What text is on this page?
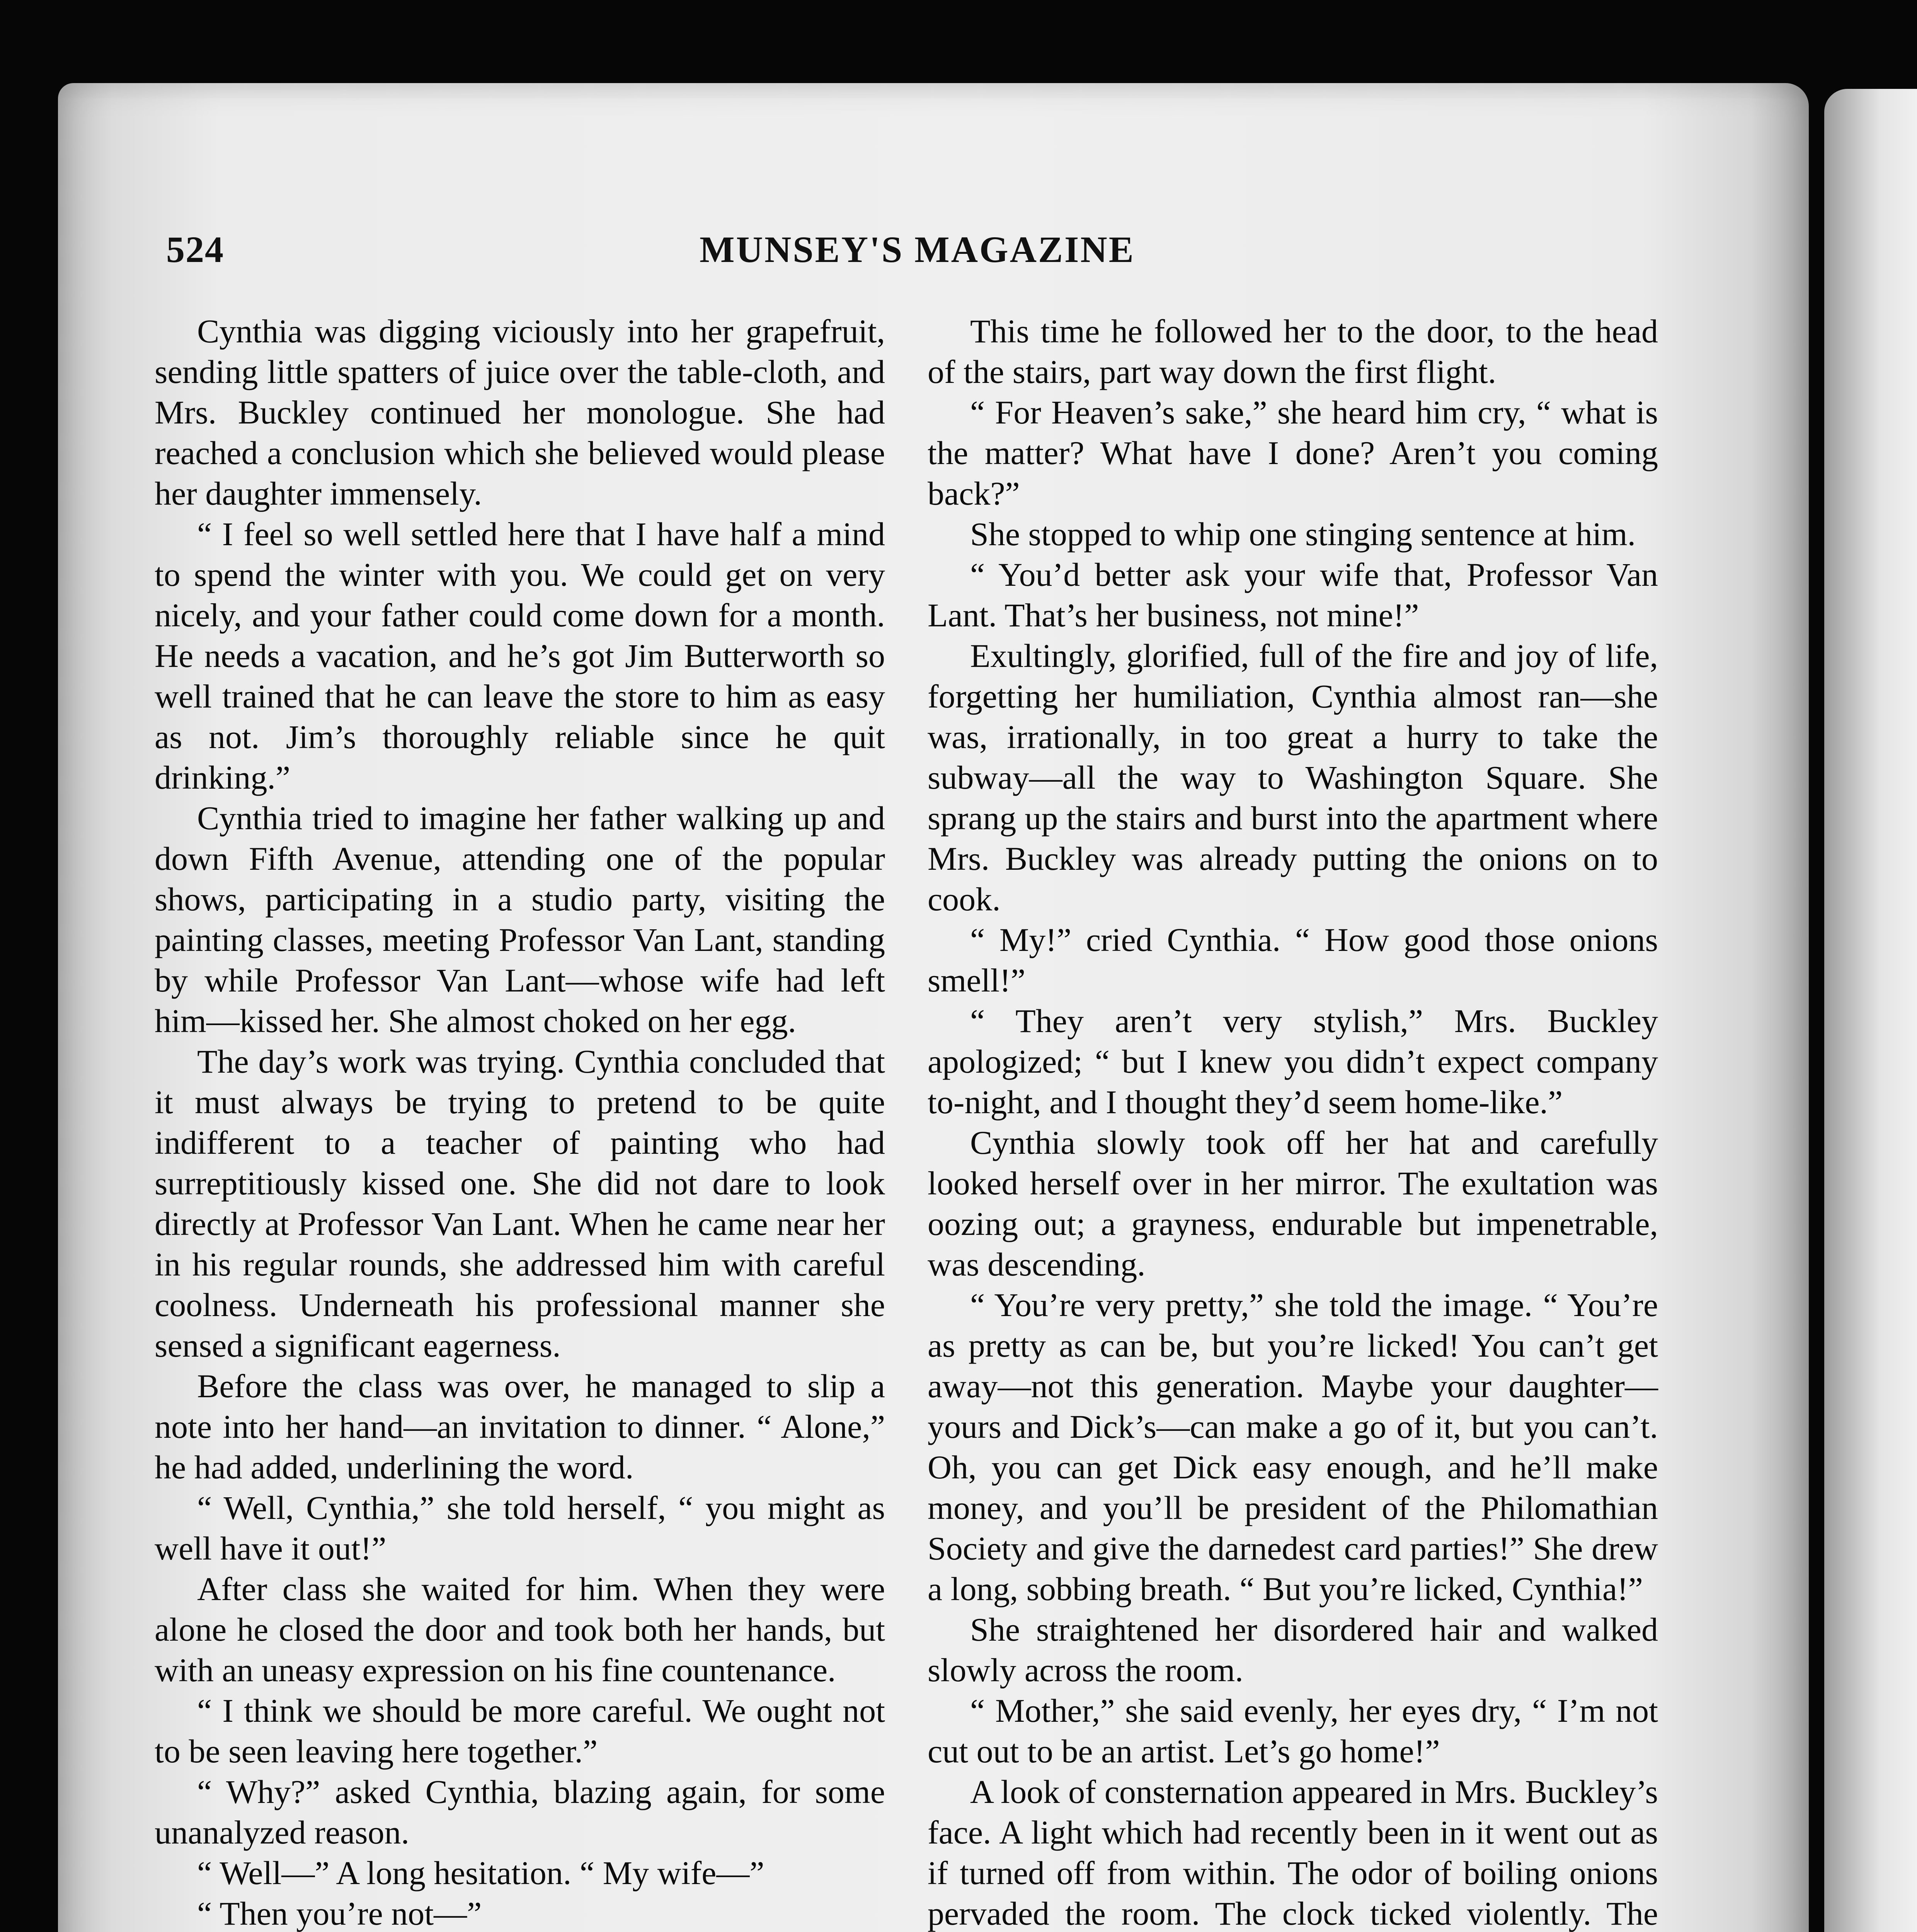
524	MUNSEY'S MAGAZINE

Cynthia was digging viciously into her grapefruit, sending little spatters of juice over the table-cloth, and Mrs. Buckley continued her monologue. She had reached a conclusion which she believed would please her daughter immensely.

“ I feel so well settled here that I have half a mind to spend the winter with you. We could get on very nicely, and your father could come down for a month. He needs a vacation, and he’s got Jim Butterworth so well trained that he can leave the store to him as easy as not. Jim’s thoroughly reliable since he quit drinking.”

Cynthia tried to imagine her father walking up and down Fifth Avenue, attending one of the popular shows, participating in a studio party, visiting the painting classes, meeting Professor Van Lant, standing by while Professor Van Lant—whose wife had left him—kissed her. She almost choked on her egg.

The day’s work was trying. Cynthia concluded that it must always be trying to pretend to be quite indifferent to a teacher of painting who had surreptitiously kissed one. She did not dare to look directly at Professor Van Lant. When he came near her in his regular rounds, she addressed him with careful coolness. Underneath his professional manner she sensed a significant eagerness.

Before the class was over, he managed to slip a note into her hand—an invitation to dinner. “ Alone,” he had added, underlining the word.

“ Well, Cynthia,” she told herself, “ you might as well have it out!”

After class she waited for him. When they were alone he closed the door and took both her hands, but with an uneasy expression on his fine countenance.

“ I think we should be more careful. We ought not to be seen leaving here together.”

“ Why?” asked Cynthia, blazing again, for some unanalyzed reason.

“ Well—” A long hesitation. “ My wife—”

“ Then you’re not—”

This time he followed her to the door, to the head of the stairs, part way down the first flight.

“ For Heaven’s sake,” she heard him cry, “ what is the matter? What have I done? Aren’t you coming back?”

She stopped to whip one stinging sentence at him.

“ You’d better ask your wife that, Professor Van Lant. That’s her business, not mine!”

Exultingly, glorified, full of the fire and joy of life, forgetting her humiliation, Cynthia almost ran—she was, irrationally, in too great a hurry to take the subway—all the way to Washington Square. She sprang up the stairs and burst into the apartment where Mrs. Buckley was already putting the onions on to cook.

“ My!” cried Cynthia. “ How good those onions smell!”

“ They aren’t very stylish,” Mrs. Buckley apologized; “ but I knew you didn’t expect company to-night, and I thought they’d seem home-like.”

Cynthia slowly took off her hat and carefully looked herself over in her mirror. The exultation was oozing out; a grayness, endurable but impenetrable, was descending.

“ You’re very pretty,” she told the image. “ You’re as pretty as can be, but you’re licked! You can’t get away—not this generation. Maybe your daughter—yours and Dick’s—can make a go of it, but you can’t. Oh, you can get Dick easy enough, and he’ll make money, and you’ll be president of the Philomathian Society and give the darnedest card parties!” She drew a long, sobbing breath. “ But you’re licked, Cynthia!”

She straightened her disordered hair and walked slowly across the room.

“ Mother,” she said evenly, her eyes dry, “ I’m not cut out to be an artist. Let’s go home!”

A look of consternation appeared in Mrs. Buckley’s face. A light which had recently been in it went out as if turned off from within. The odor of boiling onions pervaded the room. The clock ticked violently. The
